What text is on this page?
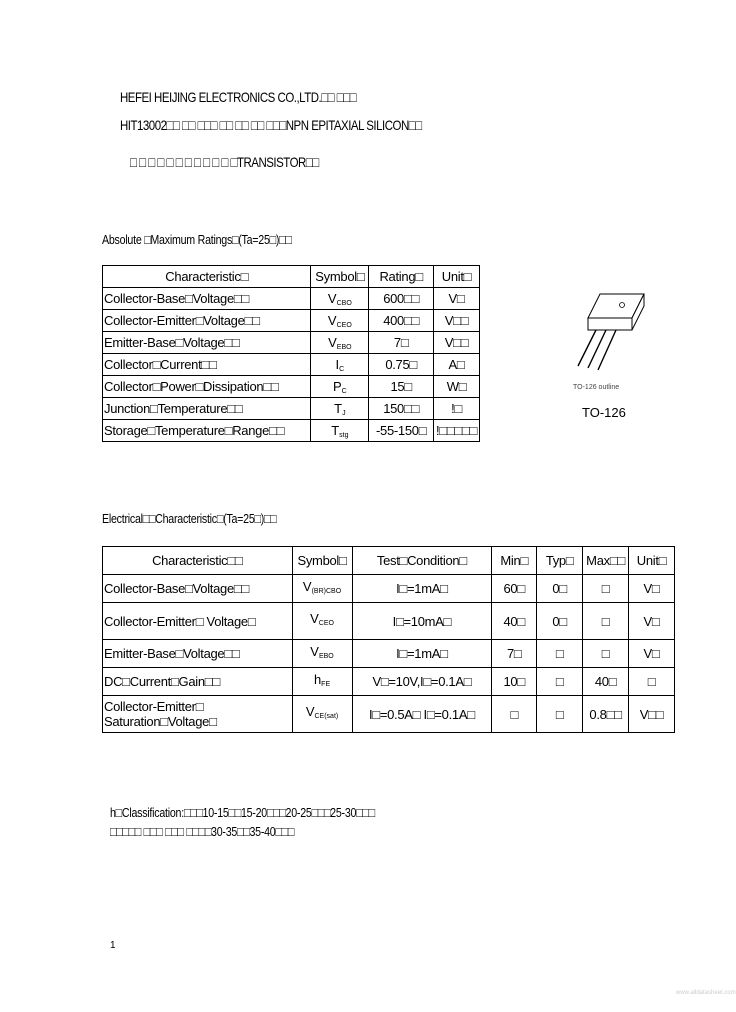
HEFEI HEIJING ELECTRONICS CO.,LTD.□□ □□□
HIT13002□□ □□ □□□ □□ □□ □□ □□□NPN EPITAXIAL SILICON□□
□ □ □ □ □ □ □ □ □ □ □ □TRANSISTOR□□
Absolute □Maximum Ratings□(Ta=25□)□□
Characteristic□	Symbol□	Rating□	Unit□
Collector-Base□Voltage□□	$V_{CBO}$	600□□	V□
Collector-Emitter□Voltage□□	$V_{CEO}$	400□□	V□□
Emitter-Base□Voltage□□	$V_{EBO}$	7□	V□□
Collector□Current□□	$I_C$	0.75□	A□
Collector□Power□Dissipation□□	$P_C$	15□	W□
Junction□Temperature□□	$T_J$	150□□	!□
Storage□Temperature□Range□□	$T_{stg}$	-55-150□	!□□□□□
TO-126 outline
TO-126
Electrical□□Characteristic□(Ta=25□)□□
Characteristic□□	Symbol□	Test□Condition□	Min□	Typ□	Max□□	Unit□
Collector-Base□Voltage□□	$V_{(BR)CBO}$	I□=1mA□	60□	0□	□	V□
Collector-Emitter□ Voltage□	$V_{CEO}$	I□=10mA□	40□	0□	□	V□
Emitter-Base□Voltage□□	$V_{EBO}$	I□=1mA□	7□	□	□	V□
DC□Current□Gain□□	$h_{FE}$	V□=10V,I□=0.1A□	10□	□	40□	□
Collector-Emitter□ Saturation□Voltage□	$V_{CE(sat)}$	I□=0.5A□ I□=0.1A□	□	□	0.8□□	V□□
h□Classification:□□□10-15□□15-20□□□20-25□□□25-30□□□
□□□□□ □□□ □□□ □□□□30-35□□35-40□□□
1
www.alldatasheet.com
